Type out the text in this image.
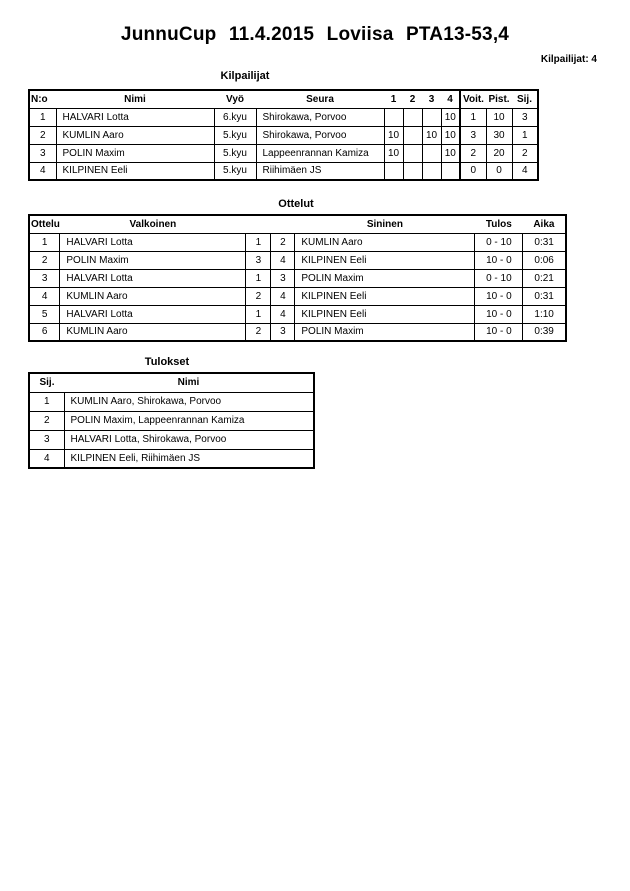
JunnuCup 11.4.2015 Loviisa PTA13-53,4
Kilpailijat: 4
Kilpailijat
N:o	Nimi	Vyö	Seura	1	2	3	4	Voit.	Pist.	Sij.
1	HALVARI Lotta	6.kyu	Shirokawa, Porvoo				10	1	10	3
2	KUMLIN Aaro	5.kyu	Shirokawa, Porvoo	10		10	10	3	30	1
3	POLIN Maxim	5.kyu	Lappeenrannan Kamiza	10			10	2	20	2
4	KILPINEN Eeli	5.kyu	Riihimäen JS					0	0	4
Ottelut
Ottelu	Valkoinen			Sininen	Tulos	Aika
1	HALVARI Lotta	1	2	KUMLIN Aaro	0 - 10	0:31
2	POLIN Maxim	3	4	KILPINEN Eeli	10 - 0	0:06
3	HALVARI Lotta	1	3	POLIN Maxim	0 - 10	0:21
4	KUMLIN Aaro	2	4	KILPINEN Eeli	10 - 0	0:31
5	HALVARI Lotta	1	4	KILPINEN Eeli	10 - 0	1:10
6	KUMLIN Aaro	2	3	POLIN Maxim	10 - 0	0:39
Tulokset
Sij.	Nimi
1	KUMLIN Aaro, Shirokawa, Porvoo
2	POLIN Maxim, Lappeenrannan Kamiza
3	HALVARI Lotta, Shirokawa, Porvoo
4	KILPINEN Eeli, Riihimäen JS
